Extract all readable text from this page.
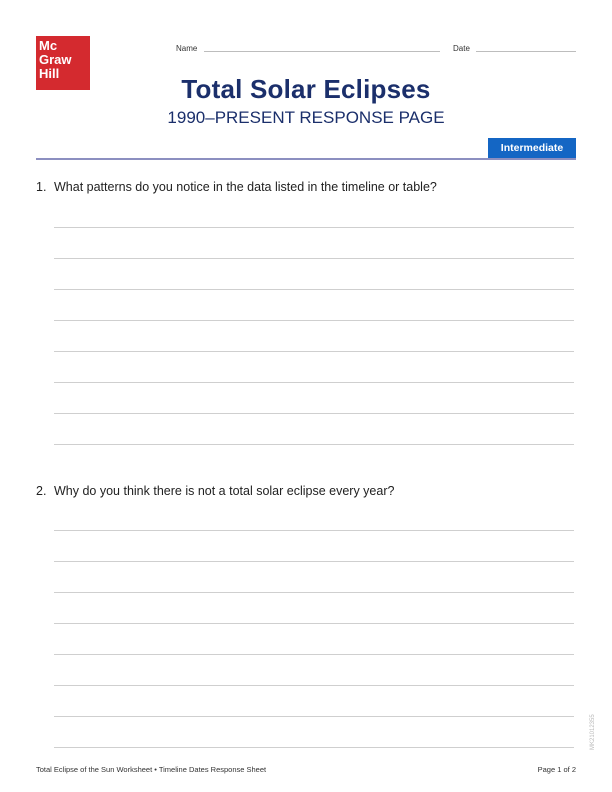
Mc
Graw
Hill
Name	Date
Total Solar Eclipses
1990–PRESENT RESPONSE PAGE
Intermediate
1. What patterns do you notice in the data listed in the timeline or table?
2. Why do you think there is not a total solar eclipse every year?
Total Eclipse of the Sun Worksheet • Timeline Dates Response Sheet	Page 1 of 2
MK21012355
